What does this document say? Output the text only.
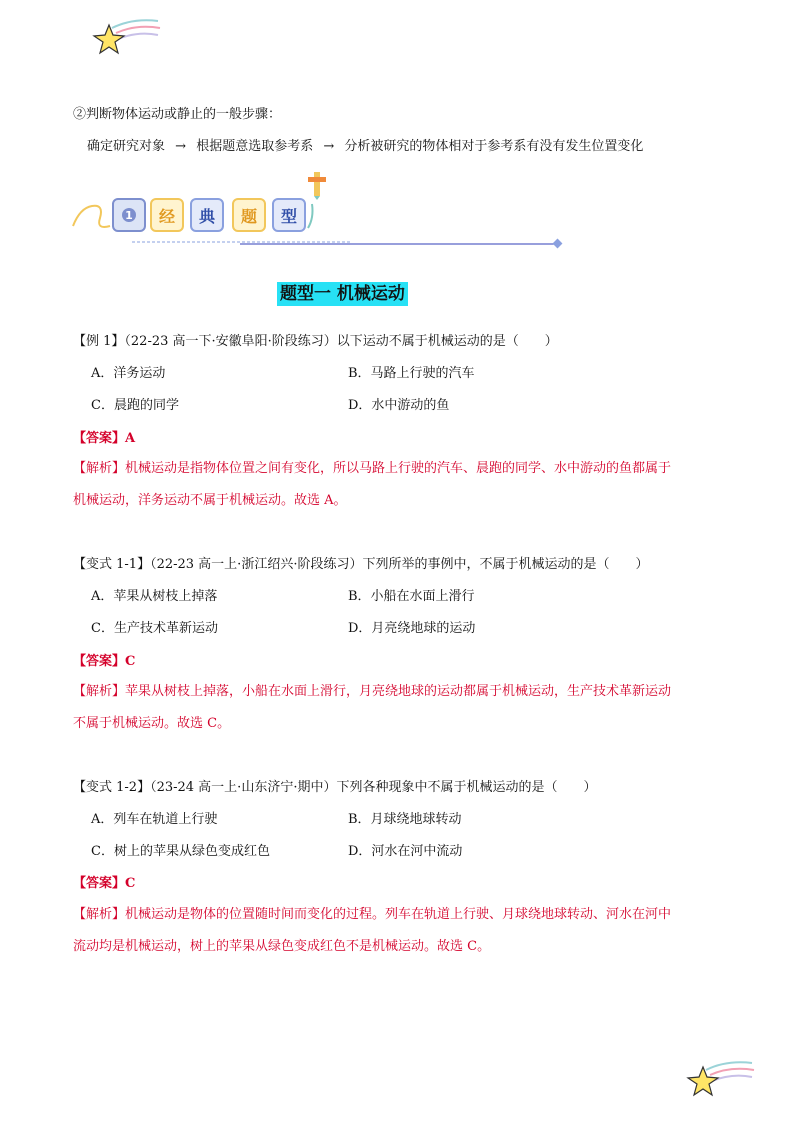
②判断物体运动或静止的一般步骤：
确定研究对象 → 根据题意选取参考系 → 分析被研究的物体相对于参考系有没有发生位置变化
1	经	典	题	型
题型一 机械运动
【例 1】（22-23 高一下·安徽阜阳·阶段练习）以下运动不属于机械运动的是（　　）
A．洋务运动	B．马路上行驶的汽车
C．晨跑的同学	D．水中游动的鱼
【答案】A
【解析】机械运动是指物体位置之间有变化，所以马路上行驶的汽车、晨跑的同学、水中游动的鱼都属于
机械运动，洋务运动不属于机械运动。故选 A。
【变式 1-1】（22-23 高一上·浙江绍兴·阶段练习）下列所举的事例中，不属于机械运动的是（　　）
A．苹果从树枝上掉落	B．小船在水面上滑行
C．生产技术革新运动	D．月亮绕地球的运动
【答案】C
【解析】苹果从树枝上掉落，小船在水面上滑行，月亮绕地球的运动都属于机械运动，生产技术革新运动
不属于机械运动。故选 C。
【变式 1-2】（23-24 高一上·山东济宁·期中）下列各种现象中不属于机械运动的是（　　）
A．列车在轨道上行驶	B．月球绕地球转动
C．树上的苹果从绿色变成红色	D．河水在河中流动
【答案】C
【解析】机械运动是物体的位置随时间而变化的过程。列车在轨道上行驶、月球绕地球转动、河水在河中
流动均是机械运动，树上的苹果从绿色变成红色不是机械运动。故选 C。
